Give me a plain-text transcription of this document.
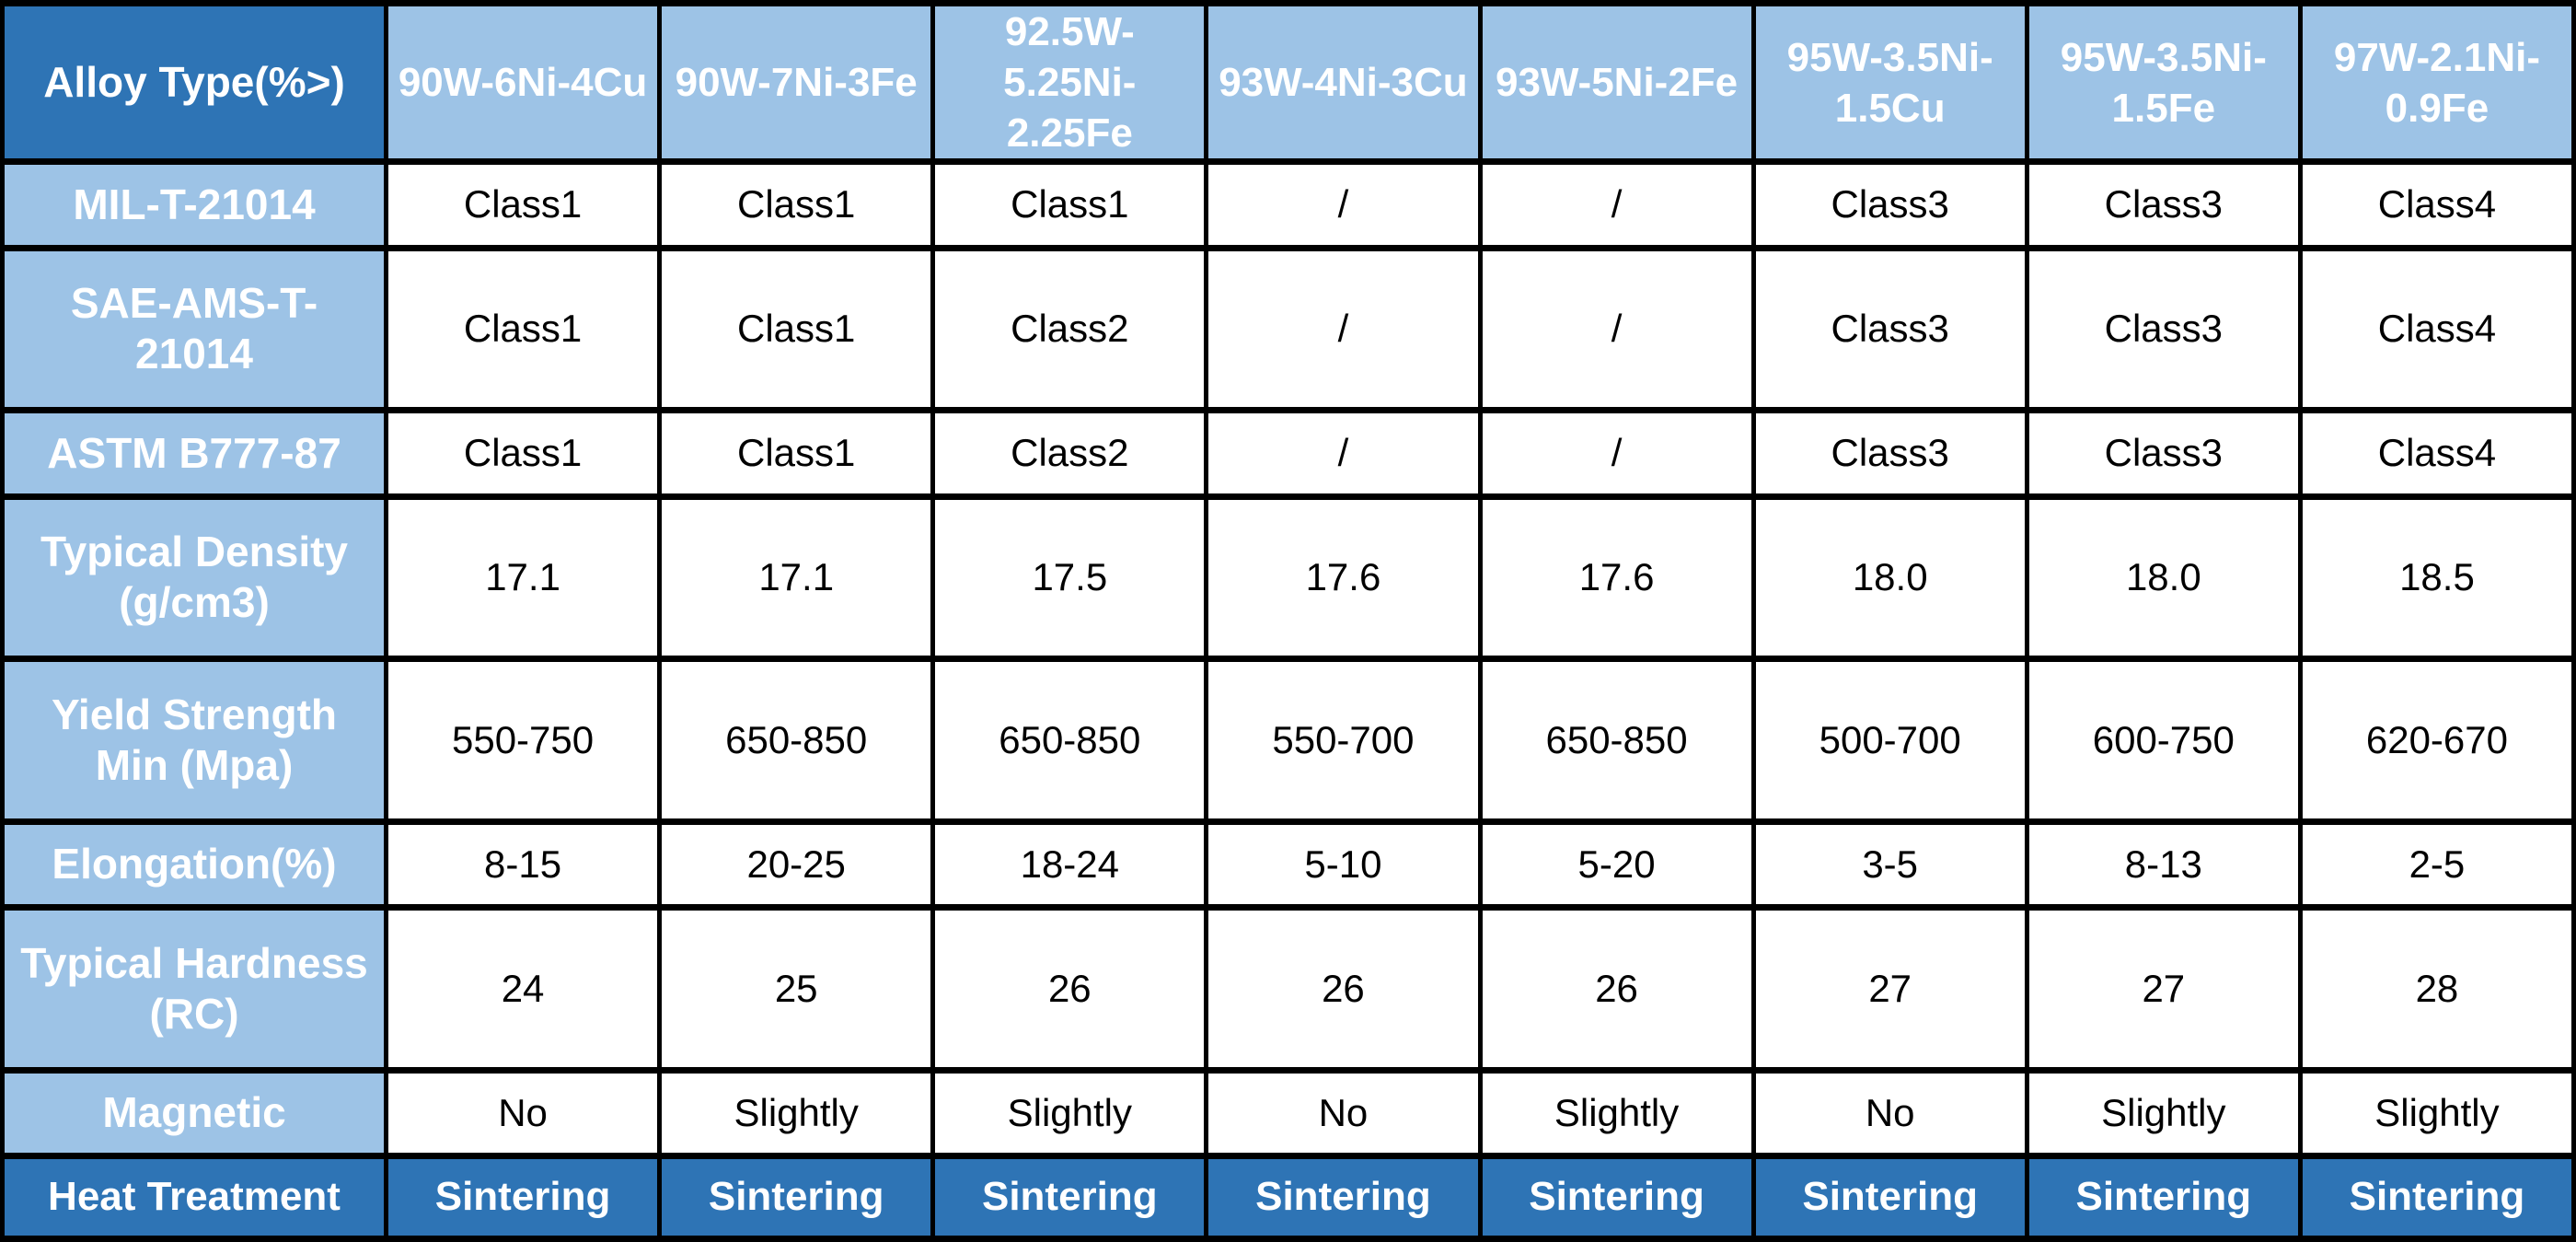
Alloy Type(%>)	90W-6Ni-4Cu	90W-7Ni-3Fe	92.5W-5.25Ni-2.25Fe	93W-4Ni-3Cu	93W-5Ni-2Fe	95W-3.5Ni-1.5Cu	95W-3.5Ni-1.5Fe	97W-2.1Ni-0.9Fe
MIL-T-21014	Class1	Class1	Class1	/	/	Class3	Class3	Class4
SAE-AMS-T-21014	Class1	Class1	Class2	/	/	Class3	Class3	Class4
ASTM B777-87	Class1	Class1	Class2	/	/	Class3	Class3	Class4
Typical Density (g/cm3)	17.1	17.1	17.5	17.6	17.6	18.0	18.0	18.5
Yield Strength Min (Mpa)	550-750	650-850	650-850	550-700	650-850	500-700	600-750	620-670
Elongation(%)	8-15	20-25	18-24	5-10	5-20	3-5	8-13	2-5
Typical Hardness (RC)	24	25	26	26	26	27	27	28
Magnetic	No	Slightly	Slightly	No	Slightly	No	Slightly	Slightly
Heat Treatment	Sintering	Sintering	Sintering	Sintering	Sintering	Sintering	Sintering	Sintering
